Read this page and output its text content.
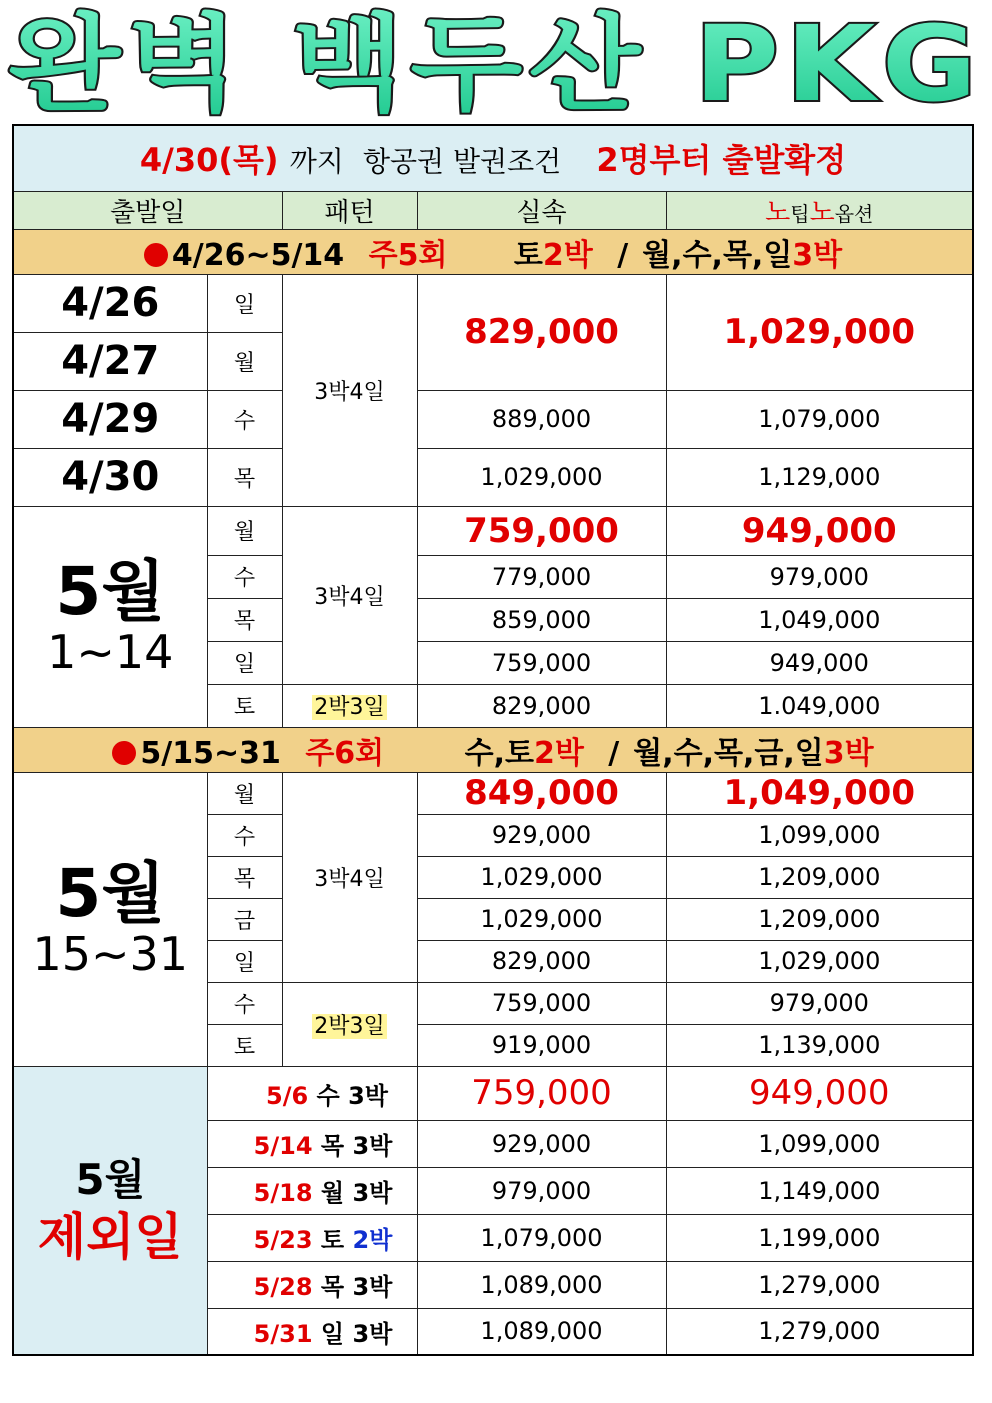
완벽 백두산 PKG
4/30(목) 까지 항공권 발권조건 2명부터 출발확정				
출발일		패턴	실속	노팁노옵션
4/26~5/14 주5회 토2박 / 월,수,목,일3박				
4/26	일	3박4일	829,000	1,029,000
4/27	월			
4/29	수		889,000	1,079,000
4/30	목		1,029,000	1,129,000

5월
1~14	월	3박4일	759,000	949,000
	수		779,000	979,000
	목		859,000	1,049,000
	일		759,000	949,000
	토	2박3일	829,000	1.049,000
5/15~31 주6회 수,토2박 / 월,수,목,금,일3박				

5월
15~31	월	3박4일	849,000	1,049,000
	수		929,000	1,099,000
	목		1,029,000	1,209,000
	금		1,029,000	1,209,000
	일		829,000	1,029,000
	수	2박3일	759,000	979,000
	토		919,000	1,139,000

5월
제외일	5/6 수 3박		759,000	949,000
	5/14 목 3박		929,000	1,099,000
	5/18 월 3박		979,000	1,149,000
	5/23 토 2박		1,079,000	1,199,000
	5/28 목 3박		1,089,000	1,279,000
	5/31 일 3박		1,089,000	1,279,000
